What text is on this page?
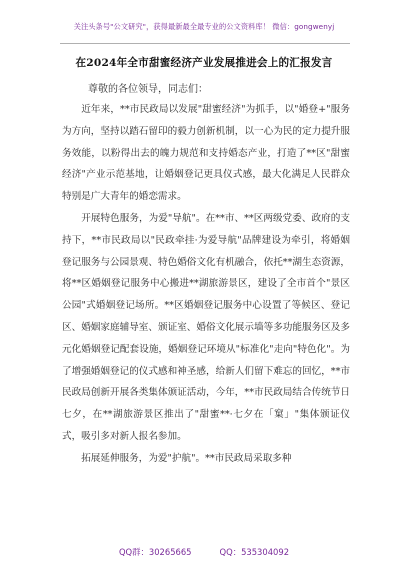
关注头条号"公文研究"，获得最新最全最专业的公文资料库！ 微信：gongwenyj
在2024年全市甜蜜经济产业发展推进会上的汇报发言
尊敬的各位领导，同志们：

近年来，**市民政局以发展"甜蜜经济"为抓手，以"婚登+"服务为方向，坚持以踏石留印的毅力创新机制，以一心为民的定力提升服务效能，以粉得出去的魄力规范和支持婚态产业，打造了**区"甜蜜经济"产业示范基地，让婚姻登记更具仪式感，最大化满足人民群众特别是广大青年的婚恋需求。

开展特色服务，为爱"导航"。在**市、**区两级党委、政府的支持下，**市民政局以"民政牵挂·为爱导航"品牌建设为牵引，将婚姻登记服务与公园景观、特色婚俗文化有机融合，依托**湖生态资源，将**区婚姻登记服务中心搬进**湖旅游景区，建设了全市首个"景区公园"式婚姻登记场所。**区婚姻登记服务中心设置了等候区、登记区、婚姻家庭辅导室、颁证室、婚俗文化展示墙等多功能服务区及多元化婚姻登记配套设施，婚姻登记环境从"标准化"走向"特色化"。为了增强婚姻登记的仪式感和神圣感，给新人们留下难忘的回忆，**市民政局创新开展各类集体颁证活动，今年，**市民政局结合传统节日七夕，在**湖旅游景区推出了"甜蜜**·七夕在「窠」"集体颁证仪式，吸引多对新人报名参加。

拓展延伸服务，为爱"护航"。**市民政局采取多种

QQ群：30265665	QQ：535304092
